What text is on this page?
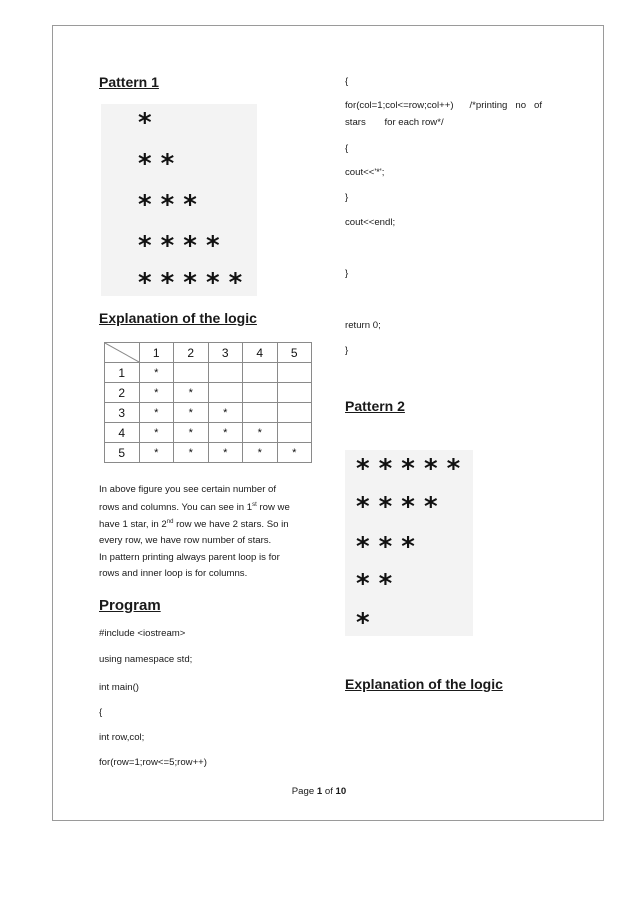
Pattern 1
*
* *
* * *
* * * *
* * * * *
Explanation of the logic
	1	2	3	4	5
1	*				
2	*	*			
3	*	*	*		
4	*	*	*	*	
5	*	*	*	*	*
In above figure you see certain number of
rows and columns. You can see in 1st row we
have 1 star, in 2nd row we have 2 stars. So in
every row, we have row number of stars.
In pattern printing always parent loop is for
rows and inner loop is for columns.
Program
#include <iostream>
using namespace std;
int main()
{
int row,col;
for(row=1;row<=5;row++)
{
for(col=1;col<=row;col++)      /*printing   no   of
stars       for each row*/
{
cout<<'*';
}
cout<<endl;
}
return 0;
}
Pattern 2
* * * * *
* * * *
* * *
* *
*
Explanation of the logic
Page 1 of 10
